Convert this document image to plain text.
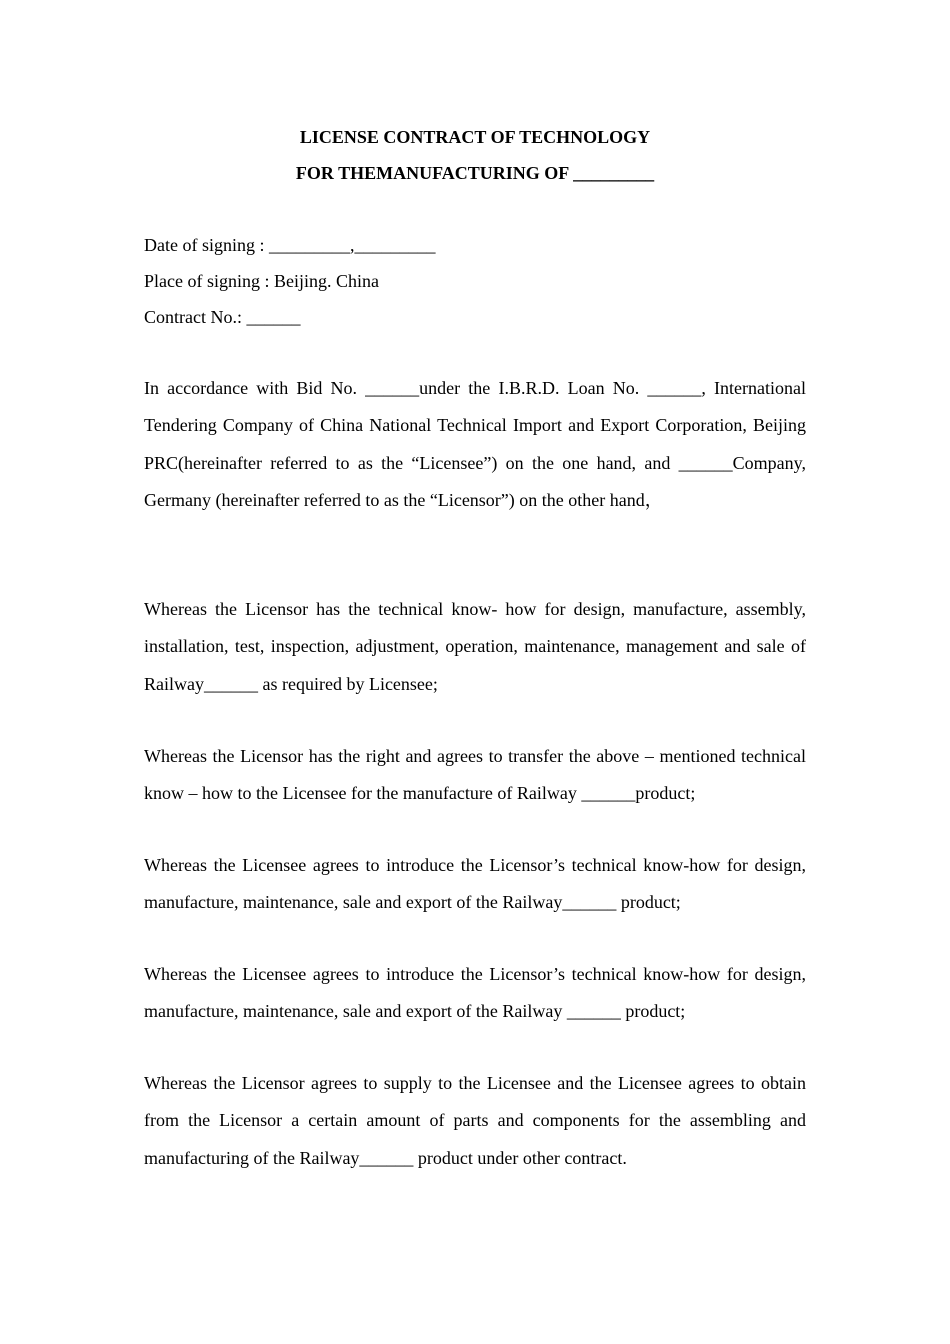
LICENSE CONTRACT OF TECHNOLOGY

FOR THEMANUFACTURING OF _________

Date of signing : _________,_________

Place of signing : Beijing. China

Contract No.: ______

In accordance with Bid No. ______under the I.B.R.D. Loan No. ______, International Tendering Company of China National Technical Import and Export Corporation, Beijing PRC(hereinafter referred to as the “Licensee”) on the one hand, and ______Company, Germany (hereinafter referred to as the “Licensor”) on the other hand，

Whereas the Licensor has the technical know- how for design, manufacture, assembly, installation, test, inspection, adjustment, operation, maintenance, management and sale of Railway______ as required by Licensee;

Whereas the Licensor has the right and agrees to transfer the above – mentioned technical know – how to the Licensee for the manufacture of Railway ______product;

Whereas the Licensee agrees to introduce the Licensor’s technical know-how for design, manufacture, maintenance, sale and export of the Railway______ product;

Whereas the Licensee agrees to introduce the Licensor’s technical know-how for design, manufacture, maintenance, sale and export of the Railway ______ product;

Whereas the Licensor agrees to supply to the Licensee and the Licensee agrees to obtain from the Licensor a certain amount of parts and components for the assembling and manufacturing of the Railway______ product under other contract.
